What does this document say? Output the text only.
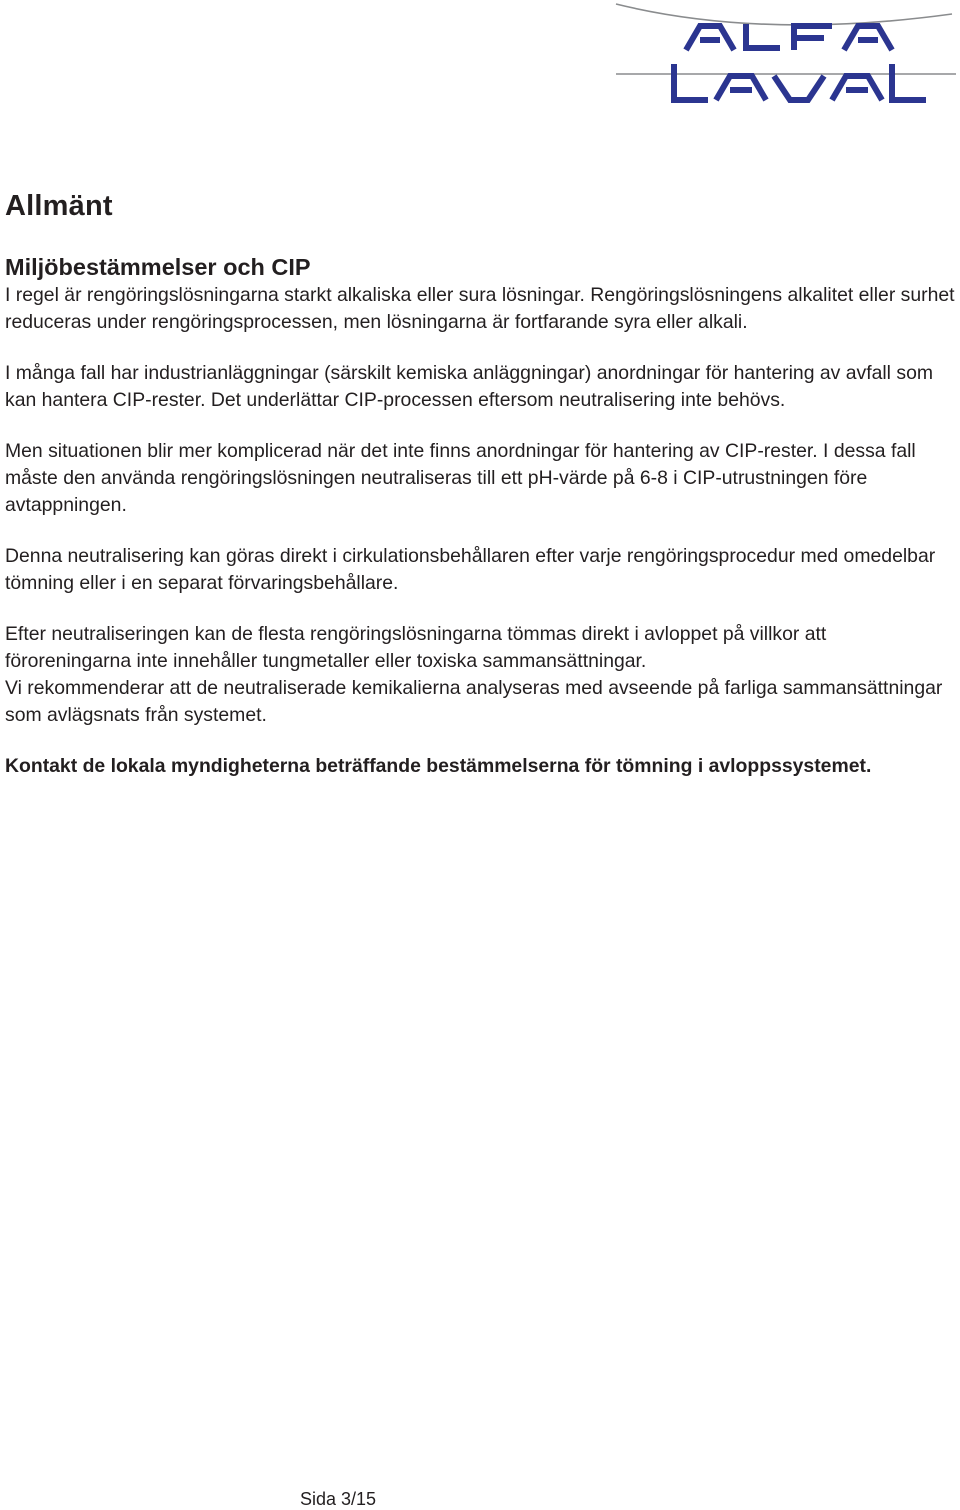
Allmänt
Miljöbestämmelser och CIP

I regel är rengöringslösningarna starkt alkaliska eller sura lösningar. Rengöringslösningens alkalitet eller surhet reduceras under rengöringsprocessen, men lösningarna är fortfarande syra eller alkali.

I många fall har industrianläggningar (särskilt kemiska anläggningar) anordningar för hantering av avfall som kan hantera CIP-rester. Det underlättar CIP-processen eftersom neutralisering inte behövs.

Men situationen blir mer komplicerad när det inte finns anordningar för hantering av CIP-rester. I dessa fall måste den använda rengöringslösningen neutraliseras till ett pH-värde på 6-8 i CIP-utrustningen före avtappningen.

Denna neutralisering kan göras direkt i cirkulationsbehållaren efter varje rengöringsprocedur med omedelbar tömning eller i en separat förvaringsbehållare.

Efter neutraliseringen kan de flesta rengöringslösningarna tömmas direkt i avloppet på villkor att föroreningarna inte innehåller tungmetaller eller toxiska sammansättningar.

Vi rekommenderar att de neutraliserade kemikalierna analyseras med avseende på farliga sammansättningar som avlägsnats från systemet.

Kontakt de lokala myndigheterna beträffande bestämmelserna för tömning i avloppssystemet.

Sida 3/15
